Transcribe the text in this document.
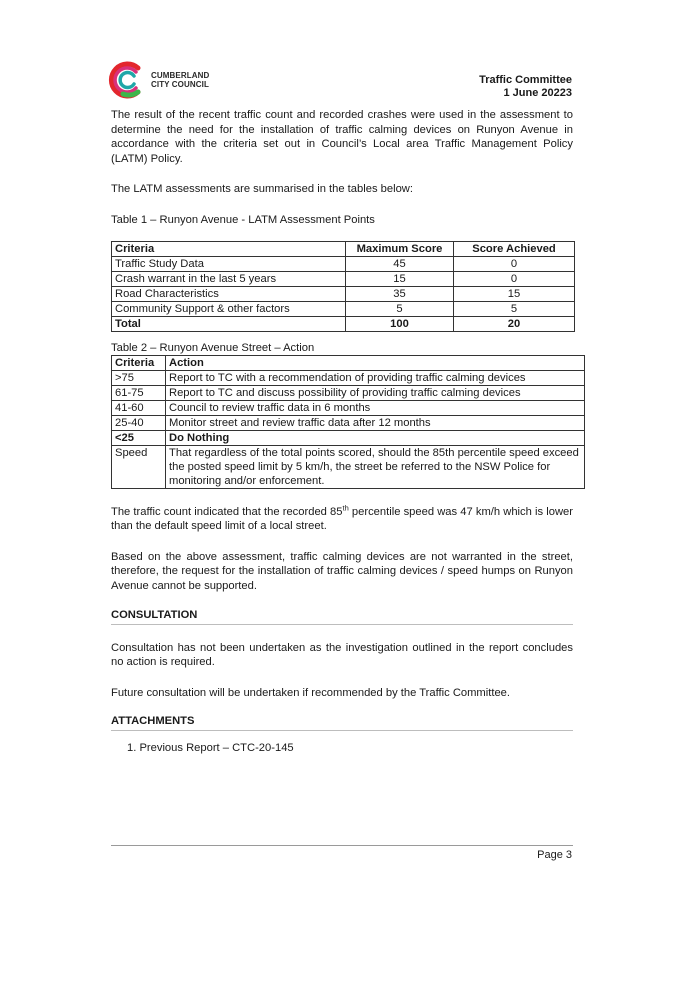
CUMBERLAND
CITY COUNCIL	Traffic Committee
1 June 20223

The result of the recent traffic count and recorded crashes were used in the assessment to determine the need for the installation of traffic calming devices on Runyon Avenue in accordance with the criteria set out in Council’s Local area Traffic Management Policy (LATM) Policy.

The LATM assessments are summarised in the tables below:

Table 1 – Runyon Avenue - LATM Assessment Points

Criteria	Maximum Score	Score Achieved
Traffic Study Data	45	0
Crash warrant in the last 5 years	15	0
Road Characteristics	35	15
Community Support & other factors	5	5
Total	100	20

Table 2 – Runyon Avenue Street – Action

Criteria	Action
>75	Report to TC with a recommendation of providing traffic calming devices
61-75	Report to TC and discuss possibility of providing traffic calming devices
41-60	Council to review traffic data in 6 months
25-40	Monitor street and review traffic data after 12 months
<25	Do Nothing
Speed	That regardless of the total points scored, should the 85th percentile speed exceed the posted speed limit by 5 km/h, the street be referred to the NSW Police for monitoring and/or enforcement.

The traffic count indicated that the recorded 85th percentile speed was 47 km/h which is lower than the default speed limit of a local street.

Based on the above assessment, traffic calming devices are not warranted in the street, therefore, the request for the installation of traffic calming devices / speed humps on Runyon Avenue cannot be supported.

CONSULTATION

Consultation has not been undertaken as the investigation outlined in the report concludes no action is required.

Future consultation will be undertaken if recommended by the Traffic Committee.

ATTACHMENTS
1. Previous Report – CTC-20-145
Page 3
